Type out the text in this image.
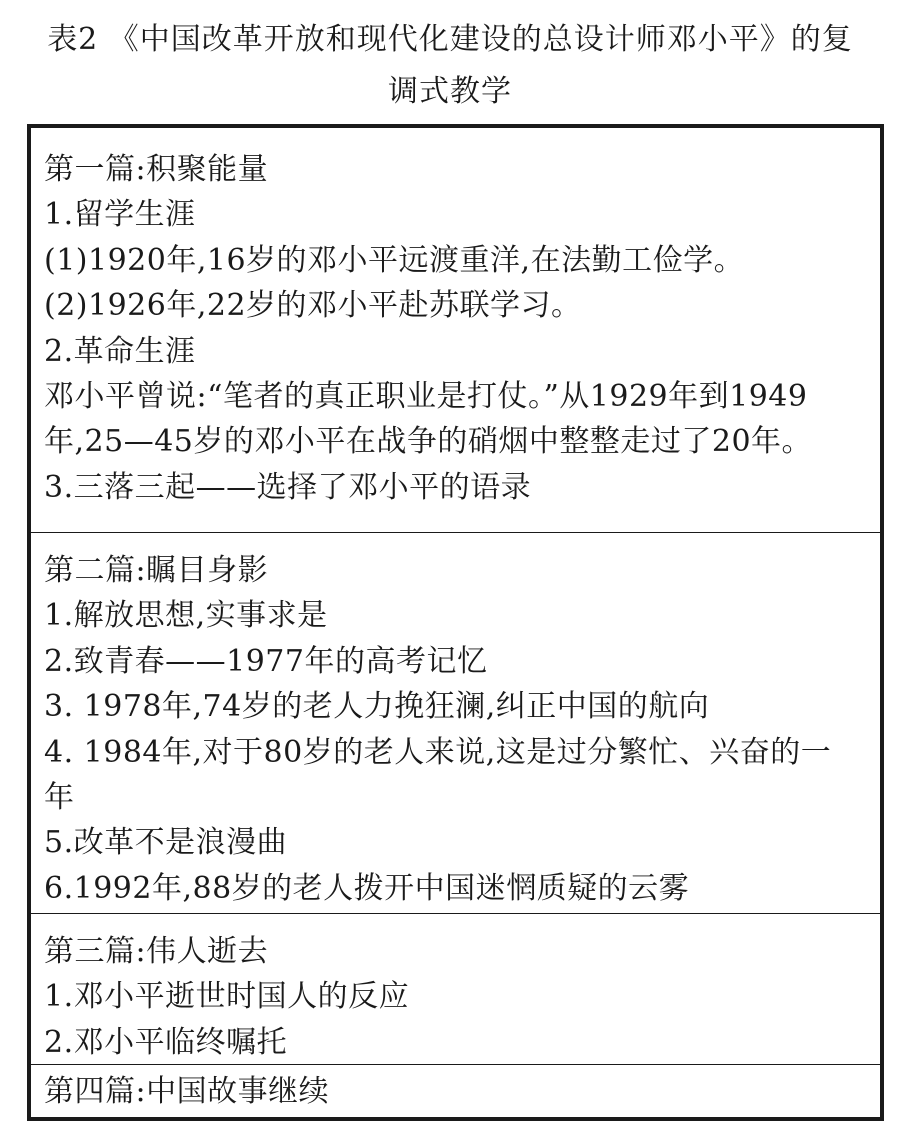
表2 《中国改革开放和现代化建设的总设计师邓小平》的复
调式教学
第一篇:积聚能量
1.留学生涯
(1)1920年,16岁的邓小平远渡重洋,在法勤工俭学。
(2)1926年,22岁的邓小平赴苏联学习。
2.革命生涯
邓小平曾说:“笔者的真正职业是打仗。”从1929年到1949
年,25—45岁的邓小平在战争的硝烟中整整走过了20年。
3.三落三起——选择了邓小平的语录
第二篇:瞩目身影
1.解放思想,实事求是
2.致青春——1977年的高考记忆
3. 1978年,74岁的老人力挽狂澜,纠正中国的航向
4. 1984年,对于80岁的老人来说,这是过分繁忙、兴奋的一
年
5.改革不是浪漫曲
6.1992年,88岁的老人拨开中国迷惘质疑的云雾
第三篇:伟人逝去
1.邓小平逝世时国人的反应
2.邓小平临终嘱托
第四篇:中国故事继续
